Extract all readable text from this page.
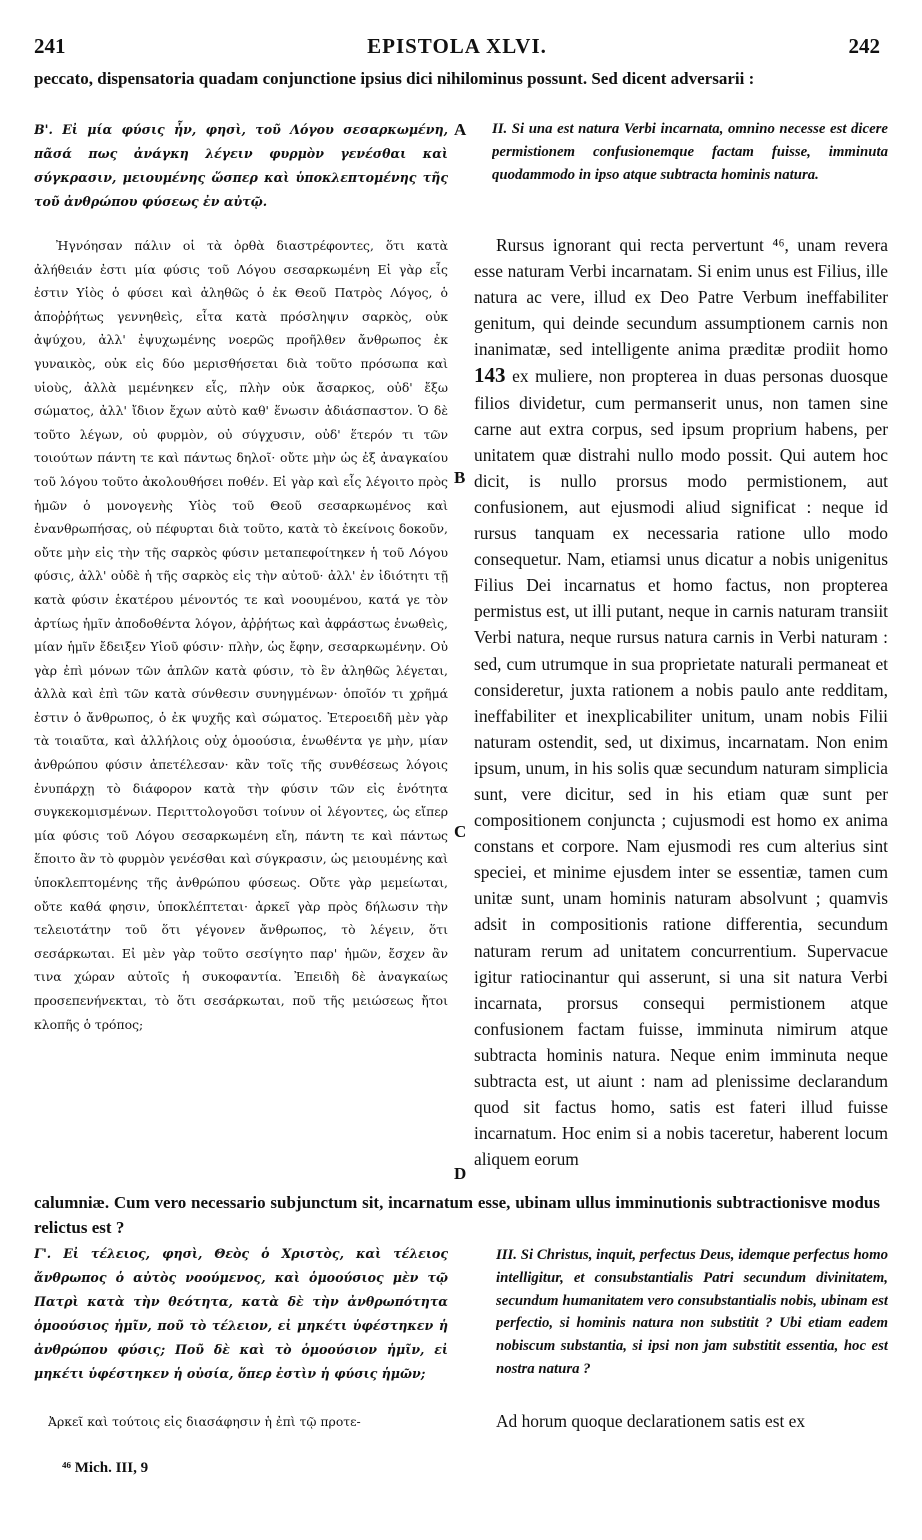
241	EPISTOLA XLVI.	242
peccato, dispensatoria quadam conjunctione ipsius dici nihilominus possunt. Sed dicent adversarii :
Β'. Εἰ μία φύσις ἦν, φησὶ, τοῦ Λόγου σεσαρκωμένη, πᾶσά πως ἀνάγκη λέγειν φυρμὸν γενέσθαι καὶ σύγκρασιν, μειουμένης ὥσπερ καὶ ὑποκλεπτομένης τῆς τοῦ ἀνθρώπου φύσεως ἐν αὐτῷ.
Ἠγνόησαν πάλιν οἱ τὰ ὀρθὰ διαστρέφοντες, ὅτι κατὰ ἀλήθειάν ἐστι μία φύσις τοῦ Λόγου σεσαρκωμένη Εἰ γὰρ εἷς ἐστιν Υἱὸς ὁ φύσει καὶ ἀληθῶς ὁ ἐκ Θεοῦ Πατρὸς Λόγος, ὁ ἀποῤῥήτως γεννηθεὶς, εἶτα κατὰ πρόσληψιν σαρκὸς, οὐκ ἀψύχου, ἀλλ' ἐψυχωμένης νοερῶς προῆλθεν ἄνθρωπος ἐκ γυναικὸς, οὐκ εἰς δύο μερισθήσεται διὰ τοῦτο πρόσωπα καὶ υἱοὺς, ἀλλὰ μεμένηκεν εἷς, πλὴν οὐκ ἄσαρκος, οὐδ' ἔξω σώματος, ἀλλ' ἴδιον ἔχων αὐτὸ καθ' ἕνωσιν ἀδιάσπαστον. Ὁ δὲ τοῦτο λέγων, οὐ φυρμὸν, οὐ σύγχυσιν, οὐδ' ἕτερόν τι τῶν τοιούτων πάντη τε καὶ πάντως δηλοῖ· οὔτε μὴν ὡς ἐξ ἀναγκαίου τοῦ λόγου τοῦτο ἀκολουθήσει ποθέν. Εἰ γὰρ καὶ εἷς λέγοιτο πρὸς ἡμῶν ὁ μονογενὴς Υἱὸς τοῦ Θεοῦ σεσαρκωμένος καὶ ἐνανθρωπήσας, οὐ πέφυρται διὰ τοῦτο, κατὰ τὸ ἐκείνοις δοκοῦν, οὔτε μὴν εἰς τὴν τῆς σαρκὸς φύσιν μεταπεφοίτηκεν ἡ τοῦ Λόγου φύσις, ἀλλ' οὐδὲ ἡ τῆς σαρκὸς εἰς τὴν αὐτοῦ· ἀλλ' ἐν ἰδιότητι τῇ κατὰ φύσιν ἑκατέρου μένοντός τε καὶ νοουμένου, κατά γε τὸν ἀρτίως ἡμῖν ἀποδοθέντα λόγον, ἀῤῥήτως καὶ ἀφράστως ἑνωθεὶς, μίαν ἡμῖν ἔδειξεν Υἱοῦ φύσιν· πλὴν, ὡς ἔφην, σεσαρκωμένην. Οὐ γὰρ ἐπὶ μόνων τῶν ἁπλῶν κατὰ φύσιν, τὸ ἓν ἀληθῶς λέγεται, ἀλλὰ καὶ ἐπὶ τῶν κατὰ σύνθεσιν συνηγμένων· ὁποῖόν τι χρῆμά ἐστιν ὁ ἄνθρωπος, ὁ ἐκ ψυχῆς καὶ σώματος. Ἑτεροειδῆ μὲν γὰρ τὰ τοιαῦτα, καὶ ἀλλήλοις οὐχ ὁμοούσια, ἑνωθέντα γε μὴν, μίαν ἀνθρώπου φύσιν ἀπετέλεσαν· κἂν τοῖς τῆς συνθέσεως λόγοις ἐνυπάρχῃ τὸ διάφορον κατὰ τὴν φύσιν τῶν εἰς ἑνότητα συγκεκομισμένων. Περιττολογοῦσι τοίνυν οἱ λέγοντες, ὡς εἴπερ μία φύσις τοῦ Λόγου σεσαρκωμένη εἴη, πάντη τε καὶ πάντως ἕποιτο ἂν τὸ φυρμὸν γενέσθαι καὶ σύγκρασιν, ὡς μειουμένης καὶ ὑποκλεπτομένης τῆς ἀνθρώπου φύσεως. Οὔτε γὰρ μεμείωται, οὔτε καθά φησιν, ὑποκλέπτεται· ἀρκεῖ γὰρ πρὸς δήλωσιν τὴν τελειοτάτην τοῦ ὅτι γέγονεν ἄνθρωπος, τὸ λέγειν, ὅτι σεσάρκωται. Εἰ μὲν γὰρ τοῦτο σεσίγητο παρ' ἡμῶν, ἔσχεν ἂν τινα χώραν αὐτοῖς ἡ συκοφαντία. Ἐπειδὴ δὲ ἀναγκαίως προσεπενήνεκται, τὸ ὅτι σεσάρκωται, ποῦ τῆς μειώσεως ἤτοι κλοπῆς ὁ τρόπος;
II. Si una est natura Verbi incarnata, omnino necesse est dicere permistionem confusionemque factam fuisse, imminuta quodammodo in ipso atque subtracta hominis natura.
Rursus ignorant qui recta pervertunt ⁴⁶, unam revera esse naturam Verbi incarnatam. Si enim unus est Filius, ille natura ac vere, illud ex Deo Patre Verbum ineffabiliter genitum, qui deinde secundum assumptionem carnis non inanimatæ, sed intelligente anima præditæ prodiit homo 143 ex muliere, non propterea in duas personas duosque filios dividetur, cum permanserit unus, non tamen sine carne aut extra corpus, sed ipsum proprium habens, per unitatem quæ distrahi nullo modo possit. Qui autem hoc dicit, is nullo prorsus modo permistionem, aut confusionem, aut ejusmodi aliud significat : neque id rursus tanquam ex necessaria ratione ullo modo consequetur. Nam, etiamsi unus dicatur a nobis unigenitus Filius Dei incarnatus et homo factus, non propterea permistus est, ut illi putant, neque in carnis naturam transiit Verbi natura, neque rursus natura carnis in Verbi naturam : sed, cum utrumque in sua proprietate naturali permaneat et consideretur, juxta rationem a nobis paulo ante redditam, ineffabiliter et inexplicabiliter unitum, unam nobis Filii naturam ostendit, sed, ut diximus, incarnatam. Non enim ipsum, unum, in his solis quæ secundum naturam simplicia sunt, vere dicitur, sed in his etiam quæ sunt per compositionem conjuncta ; cujusmodi est homo ex anima constans et corpore. Nam ejusmodi res cum alterius sint speciei, et minime ejusdem inter se essentiæ, tamen cum unitæ sunt, unam hominis naturam absolvunt ; quamvis adsit in compositionis ratione differentia, secundum naturam rerum ad unitatem concurrentium. Supervacue igitur ratiocinantur qui asserunt, si una sit natura Verbi incarnata, prorsus consequi permistionem atque confusionem factam fuisse, imminuta nimirum atque subtracta hominis natura. Neque enim imminuta neque subtracta est, ut aiunt : nam ad plenissime declarandum quod sit factus homo, satis est fateri illud fuisse incarnatum. Hoc enim si a nobis taceretur, haberent locum aliquem eorum
A
B
C
D
calumniæ. Cum vero necessario subjunctum sit, incarnatum esse, ubinam ullus imminutionis subtractionisve modus relictus est ?
Γ'. Εἰ τέλειος, φησὶ, Θεὸς ὁ Χριστὸς, καὶ τέλειος ἄνθρωπος ὁ αὐτὸς νοούμενος, καὶ ὁμοούσιος μὲν τῷ Πατρὶ κατὰ τὴν θεότητα, κατὰ δὲ τὴν ἀνθρωπότητα ὁμοούσιος ἡμῖν, ποῦ τὸ τέλειον, εἰ μηκέτι ὑφέστηκεν ἡ ἀνθρώπου φύσις; Ποῦ δὲ καὶ τὸ ὁμοούσιον ἡμῖν, εἰ μηκέτι ὑφέστηκεν ἡ οὐσία, ὅπερ ἐστὶν ἡ φύσις ἡμῶν;
Ἀρκεῖ καὶ τούτοις εἰς διασάφησιν ἡ ἐπὶ τῷ προτε-
III. Si Christus, inquit, perfectus Deus, idemque perfectus homo intelligitur, et consubstantialis Patri secundum divinitatem, secundum humanitatem vero consubstantialis nobis, ubinam est perfectio, si hominis natura non substitit ? Ubi etiam eadem nobiscum substantia, si ipsi non jam substitit essentia, hoc est nostra natura ?
Ad horum quoque declarationem satis est ex
⁴⁶ Mich. III, 9
